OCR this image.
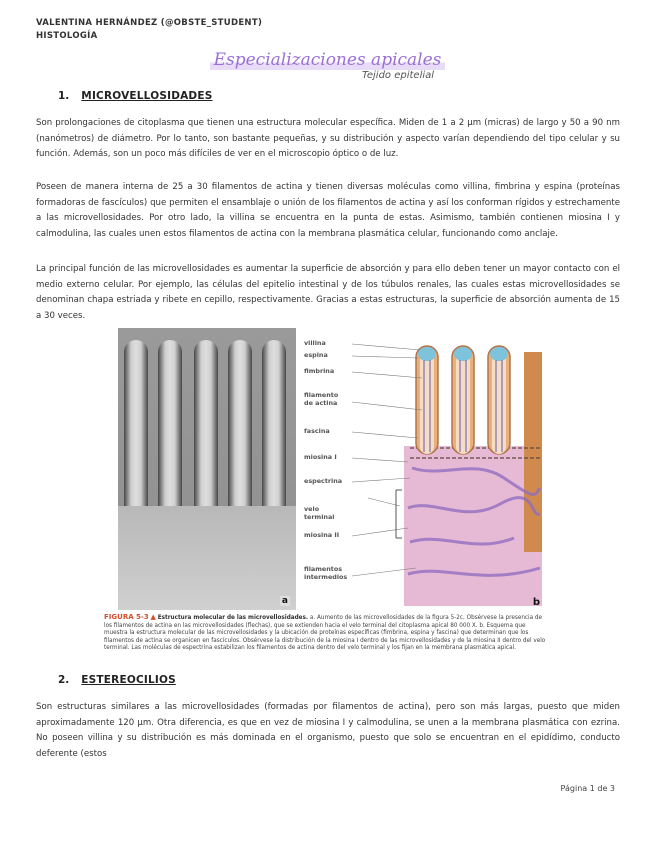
VALENTINA HERNÁNDEZ (@OBSTE_STUDENT)
HISTOLOGÍA
Especializaciones apicales
Tejido epitelial
1. MICROVELLOSIDADES

Son prolongaciones de citoplasma que tienen una estructura molecular específica. Miden de 1 a 2 µm (micras) de largo y 50 a 90 nm (nanómetros) de diámetro. Por lo tanto, son bastante pequeñas, y su distribución y aspecto varían dependiendo del tipo celular y su función. Además, son un poco más difíciles de ver en el microscopio óptico o de luz.

Poseen de manera interna de 25 a 30 filamentos de actina y tienen diversas moléculas como villina, fimbrina y espina (proteínas formadoras de fascículos) que permiten el ensamblaje o unión de los filamentos de actina y así los conforman rígidos y estrechamente a las microvellosidades. Por otro lado, la villina se encuentra en la punta de estas. Asimismo, también contienen miosina I y calmodulina, las cuales unen estos filamentos de actina con la membrana plasmática celular, funcionando como anclaje.

La principal función de las microvellosidades es aumentar la superficie de absorción y para ello deben tener un mayor contacto con el medio externo celular. Por ejemplo, las células del epitelio intestinal y de los túbulos renales, las cuales estas microvellosidades se denominan chapa estriada y ribete en cepillo, respectivamente. Gracias a estas estructuras, la superficie de absorción aumenta de 15 a 30 veces.

a
villina
espina
fimbrina
filamento de actina
fascina
miosina I
espectrina
velo terminal
miosina II
filamentos intermedios
b

FIGURA 5-3 ▲ Estructura molecular de las microvellosidades. a. Aumento de las microvellosidades de la figura 5-2c. Obsérvese la presencia de los filamentos de actina en las microvellosidades (flechas), que se extienden hacia el velo terminal del citoplasma apical 80 000 X. b. Esquema que muestra la estructura molecular de las microvellosidades y la ubicación de proteínas específicas (fimbrina, espina y fascina) que determinan que los filamentos de actina se organicen en fascículos. Obsérvese la distribución de la miosina I dentro de las microvellosidades y de la miosina II dentro del velo terminal. Las moléculas de espectrina estabilizan los filamentos de actina dentro del velo terminal y los fijan en la membrana plasmática apical.

2. ESTEREOCILIOS

Son estructuras similares a las microvellosidades (formadas por filamentos de actina), pero son más largas, puesto que miden aproximadamente 120 µm. Otra diferencia, es que en vez de miosina I y calmodulina, se unen a la membrana plasmática con ezrina. No poseen villina y su distribución es más dominada en el organismo, puesto que solo se encuentran en el epidídimo, conducto deferente (estos

Página 1 de 3
